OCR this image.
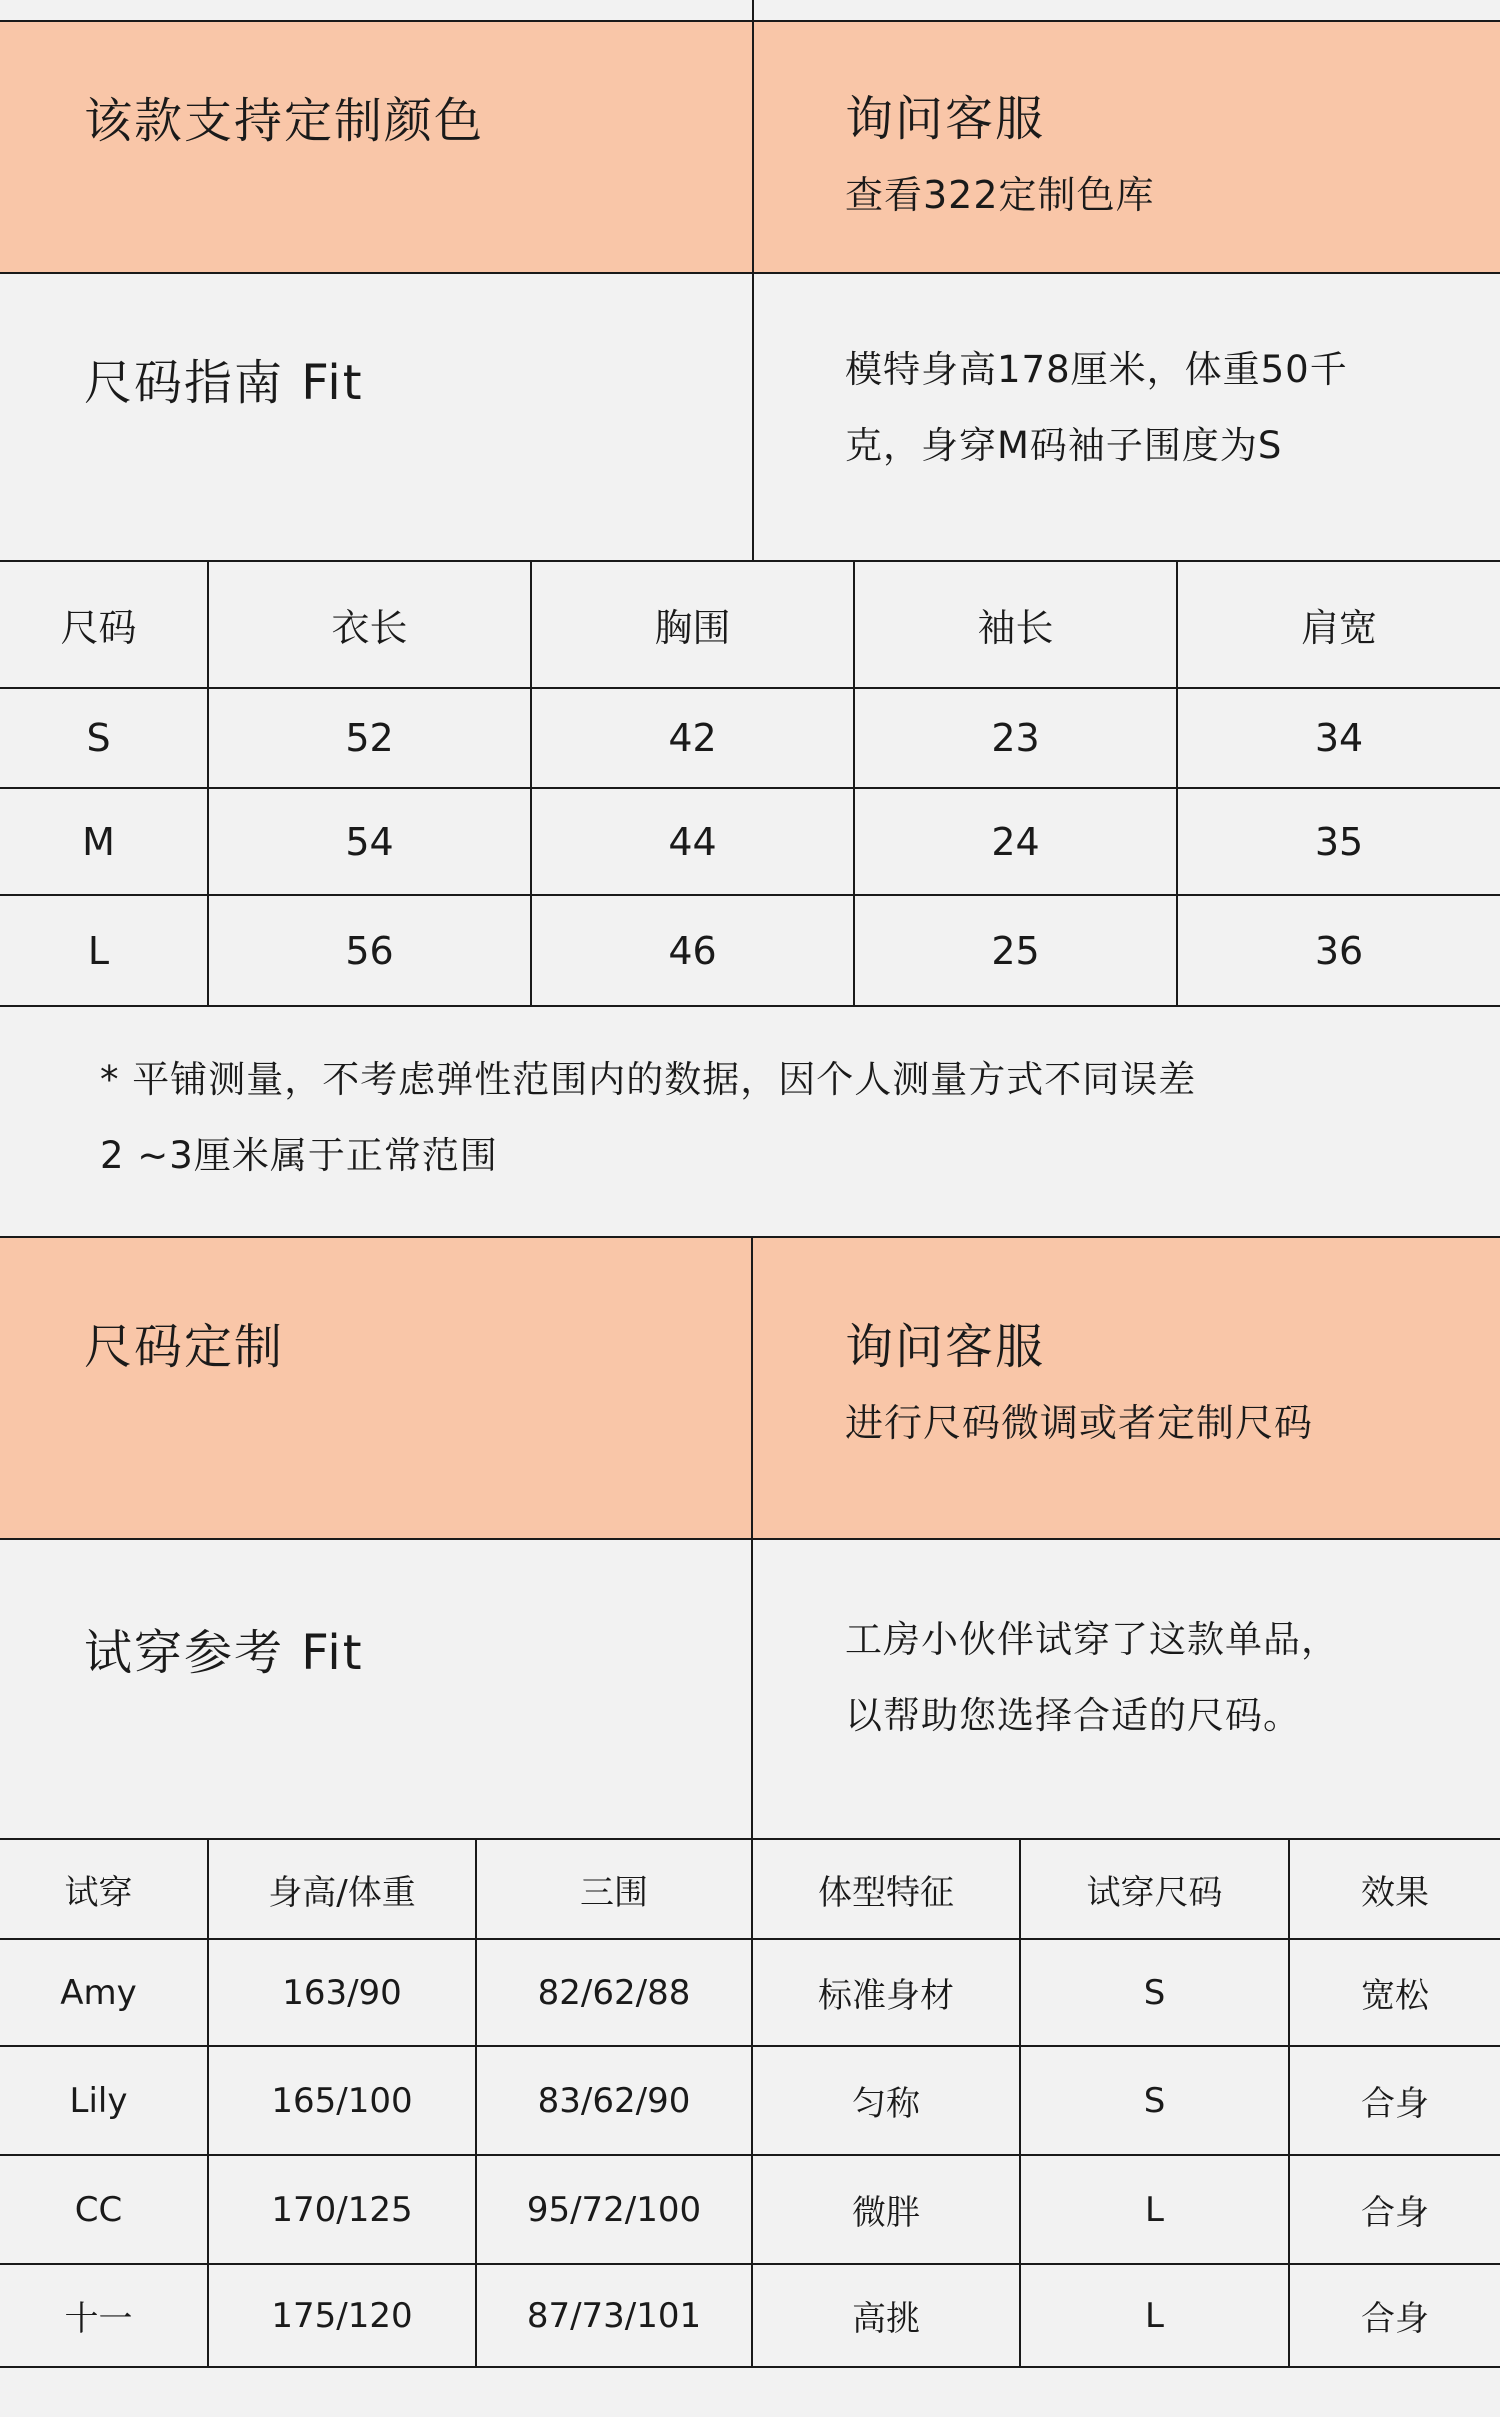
该款支持定制颜色	询问客服
查看322定制色库
尺码指南 Fit	模特身高178厘米，体重50千
克，身穿M码袖子围度为S
尺码	衣长	胸围	袖长	肩宽
S	52	42	23	34
M	54	44	24	35
L	56	46	25	36
* 平铺测量，不考虑弹性范围内的数据，因个人测量方式不同误差
2 ~3厘米属于正常范围
尺码定制	询问客服
进行尺码微调或者定制尺码
试穿参考 Fit	工房小伙伴试穿了这款单品，
以帮助您选择合适的尺码。
试穿	身高/体重	三围	体型特征	试穿尺码	效果
Amy	163/90	82/62/88	标准身材	S	宽松
Lily	165/100	83/62/90	匀称	S	合身
CC	170/125	95/72/100	微胖	L	合身
十一	175/120	87/73/101	高挑	L	合身
